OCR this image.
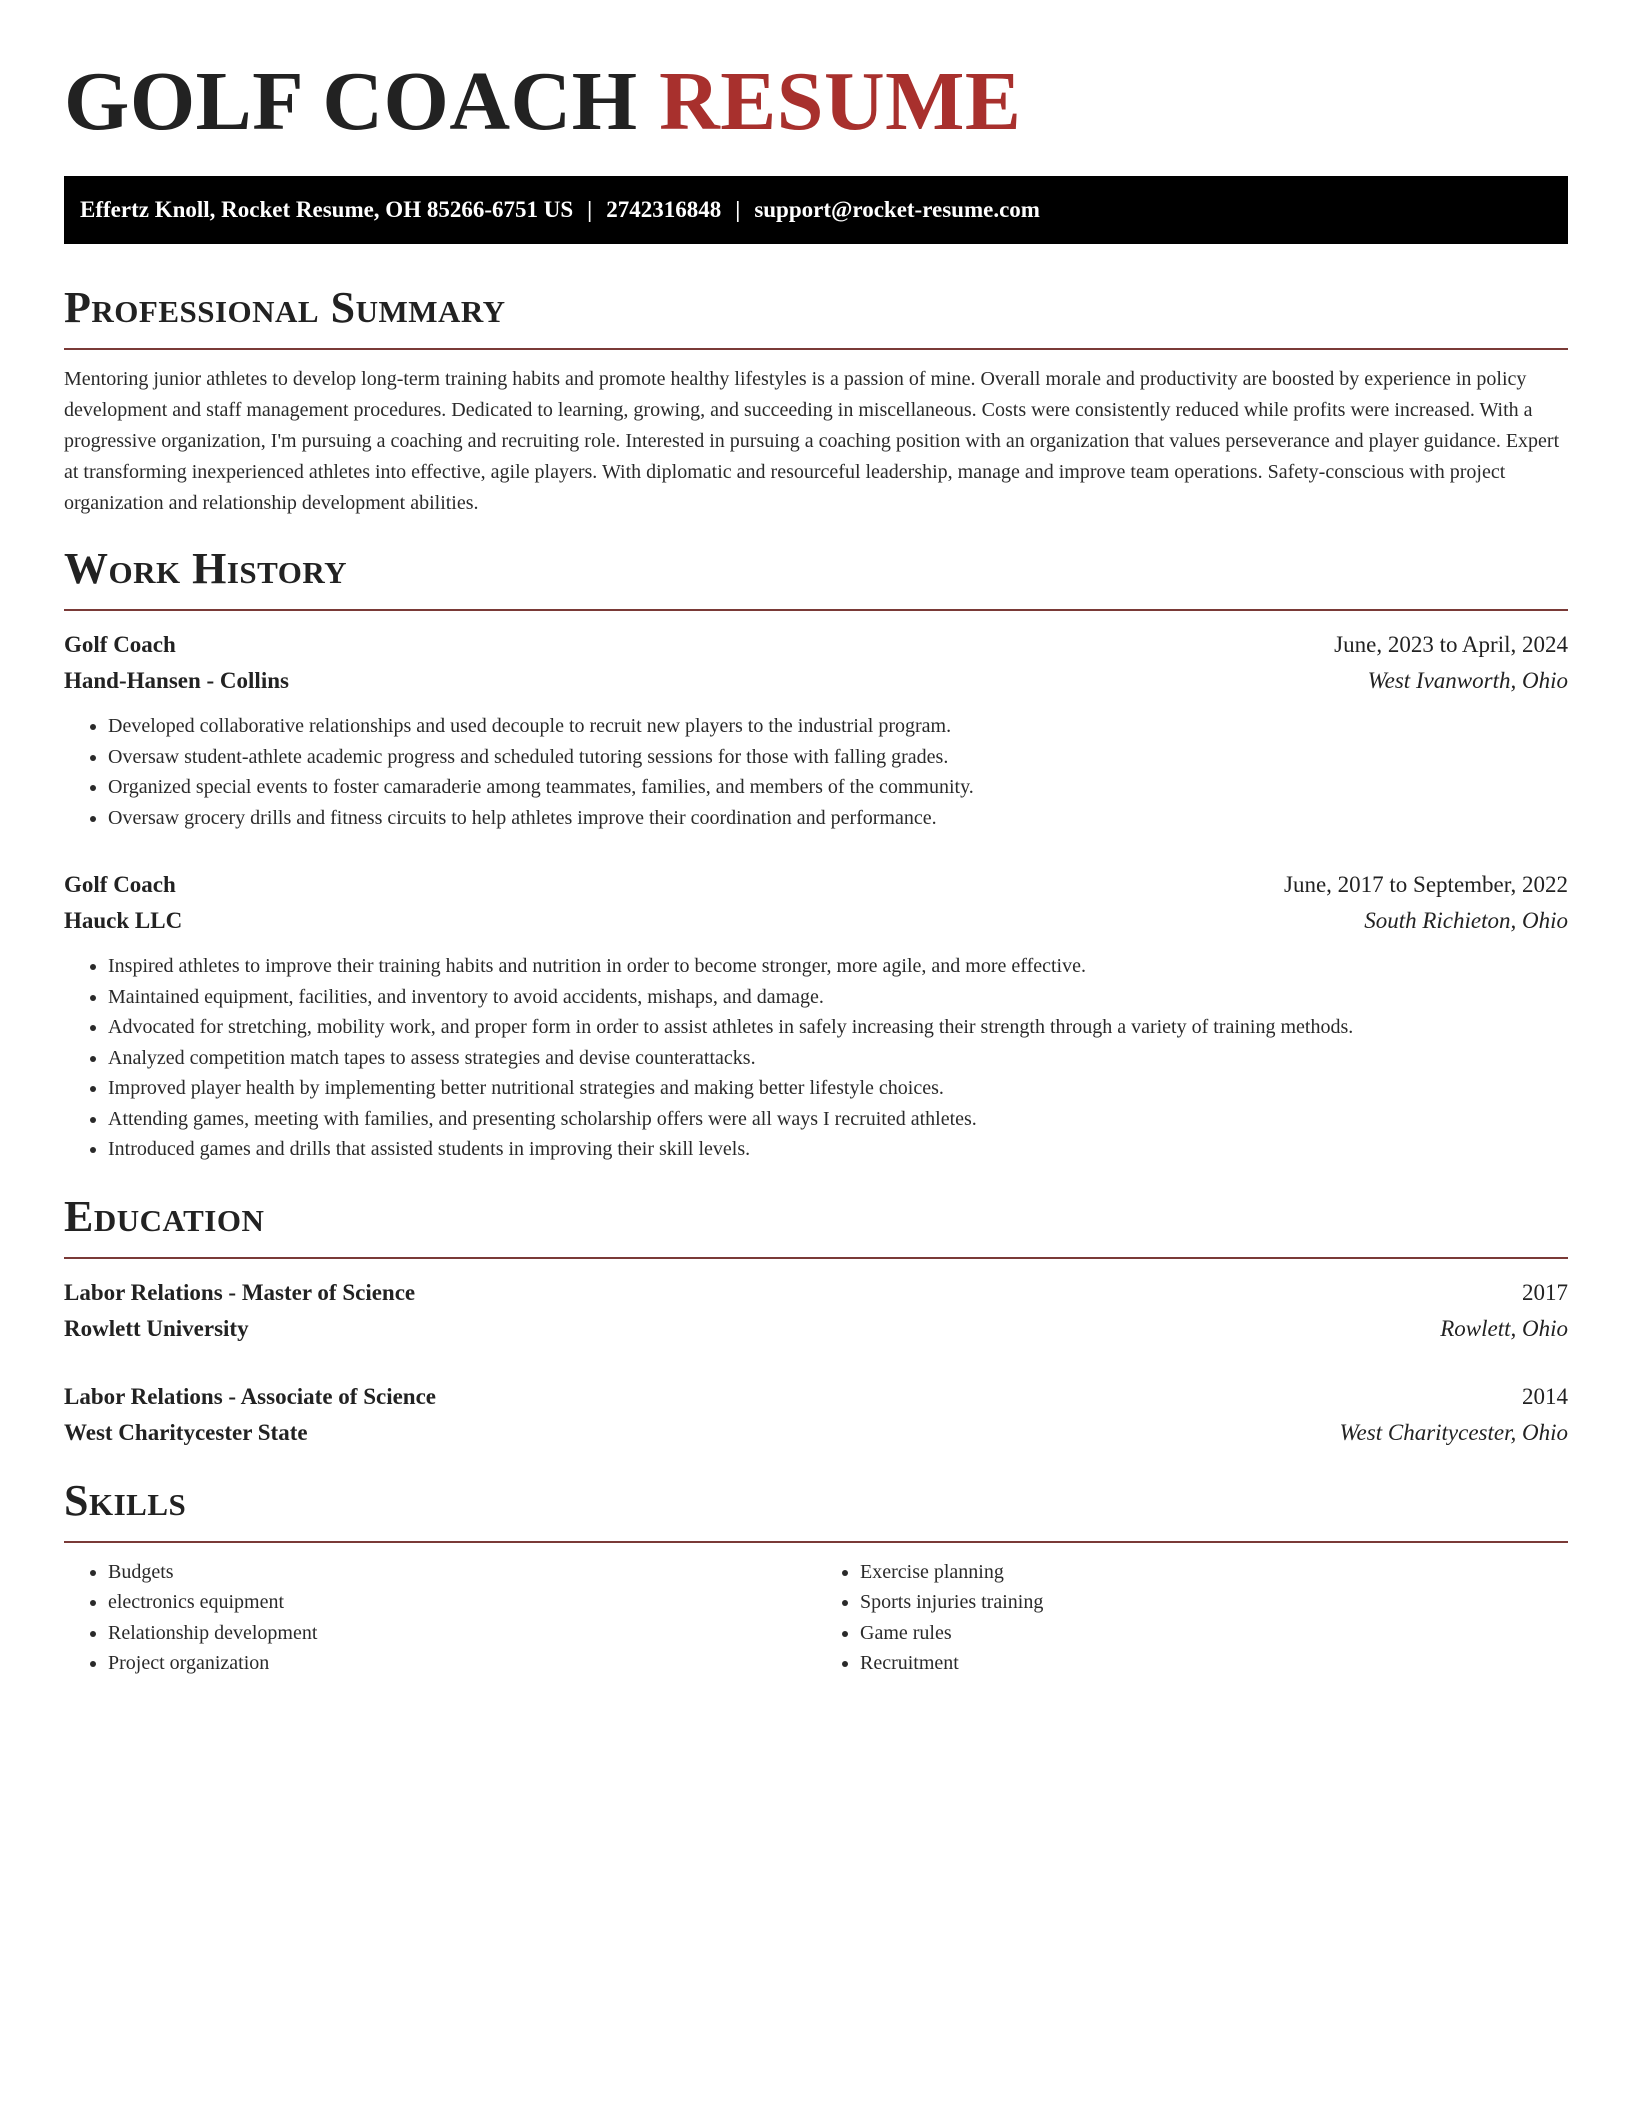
GOLF COACH RESUME
Effertz Knoll, Rocket Resume, OH 85266-6751 US | 2742316848 | support@rocket-resume.com
Professional Summary

Mentoring junior athletes to develop long-term training habits and promote healthy lifestyles is a passion of mine. Overall morale and productivity are boosted by experience in policy development and staff management procedures. Dedicated to learning, growing, and succeeding in miscellaneous. Costs were consistently reduced while profits were increased. With a progressive organization, I'm pursuing a coaching and recruiting role. Interested in pursuing a coaching position with an organization that values perseverance and player guidance. Expert at transforming inexperienced athletes into effective, agile players. With diplomatic and resourceful leadership, manage and improve team operations. Safety-conscious with project organization and relationship development abilities.

Work History
Golf Coach	June, 2023 to April, 2024
Hand-Hansen - Collins	West Ivanworth, Ohio
• Developed collaborative relationships and used decouple to recruit new players to the industrial program.
• Oversaw student-athlete academic progress and scheduled tutoring sessions for those with falling grades.
• Organized special events to foster camaraderie among teammates, families, and members of the community.
• Oversaw grocery drills and fitness circuits to help athletes improve their coordination and performance.
Golf Coach	June, 2017 to September, 2022
Hauck LLC	South Richieton, Ohio
• Inspired athletes to improve their training habits and nutrition in order to become stronger, more agile, and more effective.
• Maintained equipment, facilities, and inventory to avoid accidents, mishaps, and damage.
• Advocated for stretching, mobility work, and proper form in order to assist athletes in safely increasing their strength through a variety of training methods.
• Analyzed competition match tapes to assess strategies and devise counterattacks.
• Improved player health by implementing better nutritional strategies and making better lifestyle choices.
• Attending games, meeting with families, and presenting scholarship offers were all ways I recruited athletes.
• Introduced games and drills that assisted students in improving their skill levels.
Education
Labor Relations - Master of Science	2017
Rowlett University	Rowlett, Ohio
Labor Relations - Associate of Science	2014
West Charitycester State	West Charitycester, Ohio
Skills
• Budgets
• electronics equipment
• Relationship development
• Project organization
• Exercise planning
• Sports injuries training
• Game rules
• Recruitment
